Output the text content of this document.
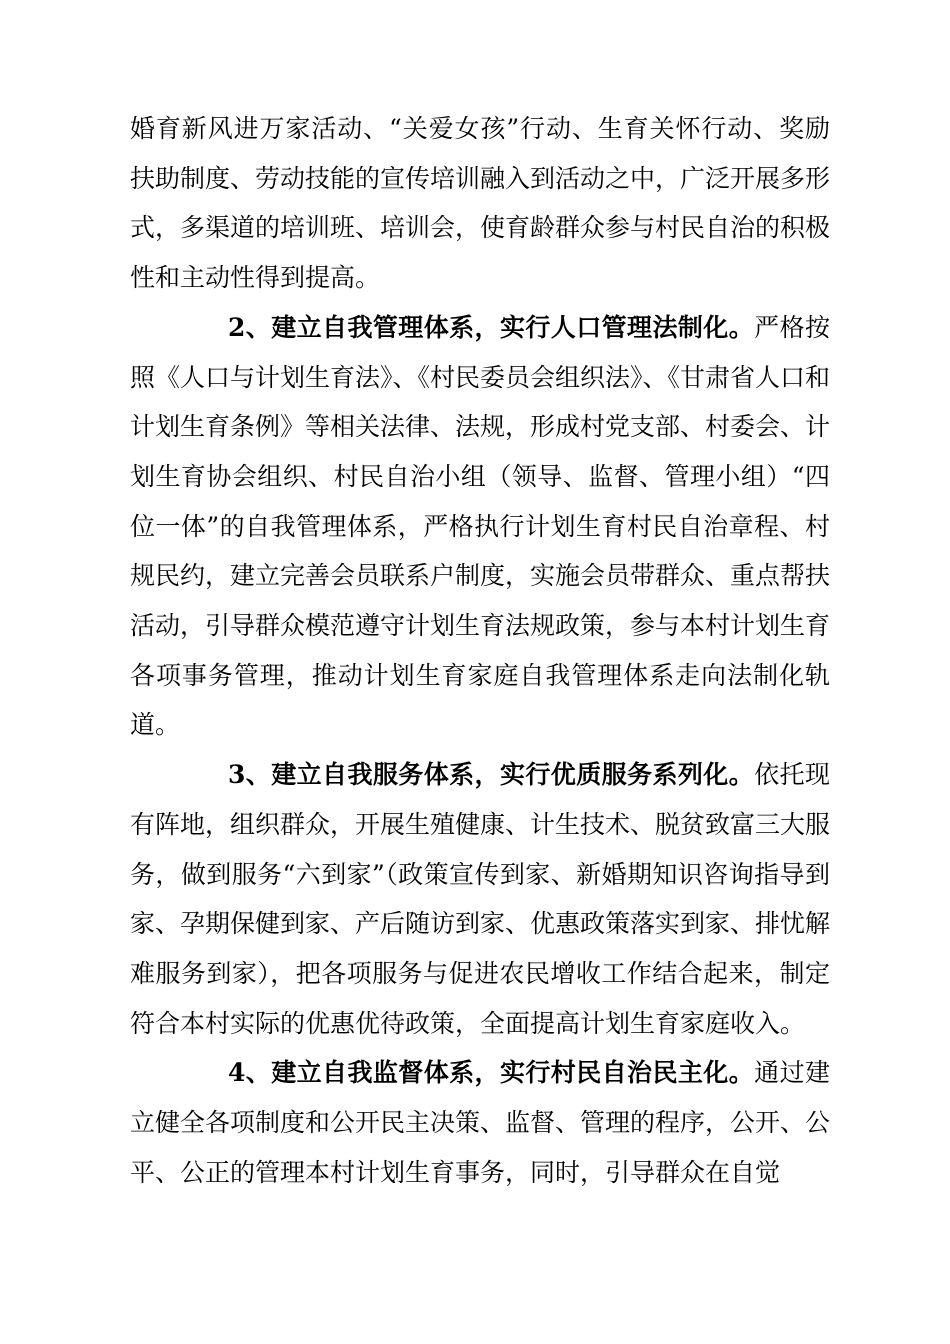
婚育新风进万家活动、“关爱女孩”行动、生育关怀行动、奖励扶助制度、劳动技能的宣传培训融入到活动之中，广泛开展多形式，多渠道的培训班、培训会，使育龄群众参与村民自治的积极性和主动性得到提高。

2、建立自我管理体系，实行人口管理法制化。严格按照《人口与计划生育法》、《村民委员会组织法》、《甘肃省人口和计划生育条例》等相关法律、法规，形成村党支部、村委会、计划生育协会组织、村民自治小组（领导、监督、管理小组）“四位一体”的自我管理体系，严格执行计划生育村民自治章程、村规民约，建立完善会员联系户制度，实施会员带群众、重点帮扶活动，引导群众模范遵守计划生育法规政策，参与本村计划生育各项事务管理，推动计划生育家庭自我管理体系走向法制化轨道。

3、建立自我服务体系，实行优质服务系列化。依托现有阵地，组织群众，开展生殖健康、计生技术、脱贫致富三大服务，做到服务“六到家”（政策宣传到家、新婚期知识咨询指导到家、孕期保健到家、产后随访到家、优惠政策落实到家、排忧解难服务到家），把各项服务与促进农民增收工作结合起来，制定符合本村实际的优惠优待政策，全面提高计划生育家庭收入。

4、建立自我监督体系，实行村民自治民主化。通过建立健全各项制度和公开民主决策、监督、管理的程序，公开、公平、公正的管理本村计划生育事务，同时，引导群众在自觉
